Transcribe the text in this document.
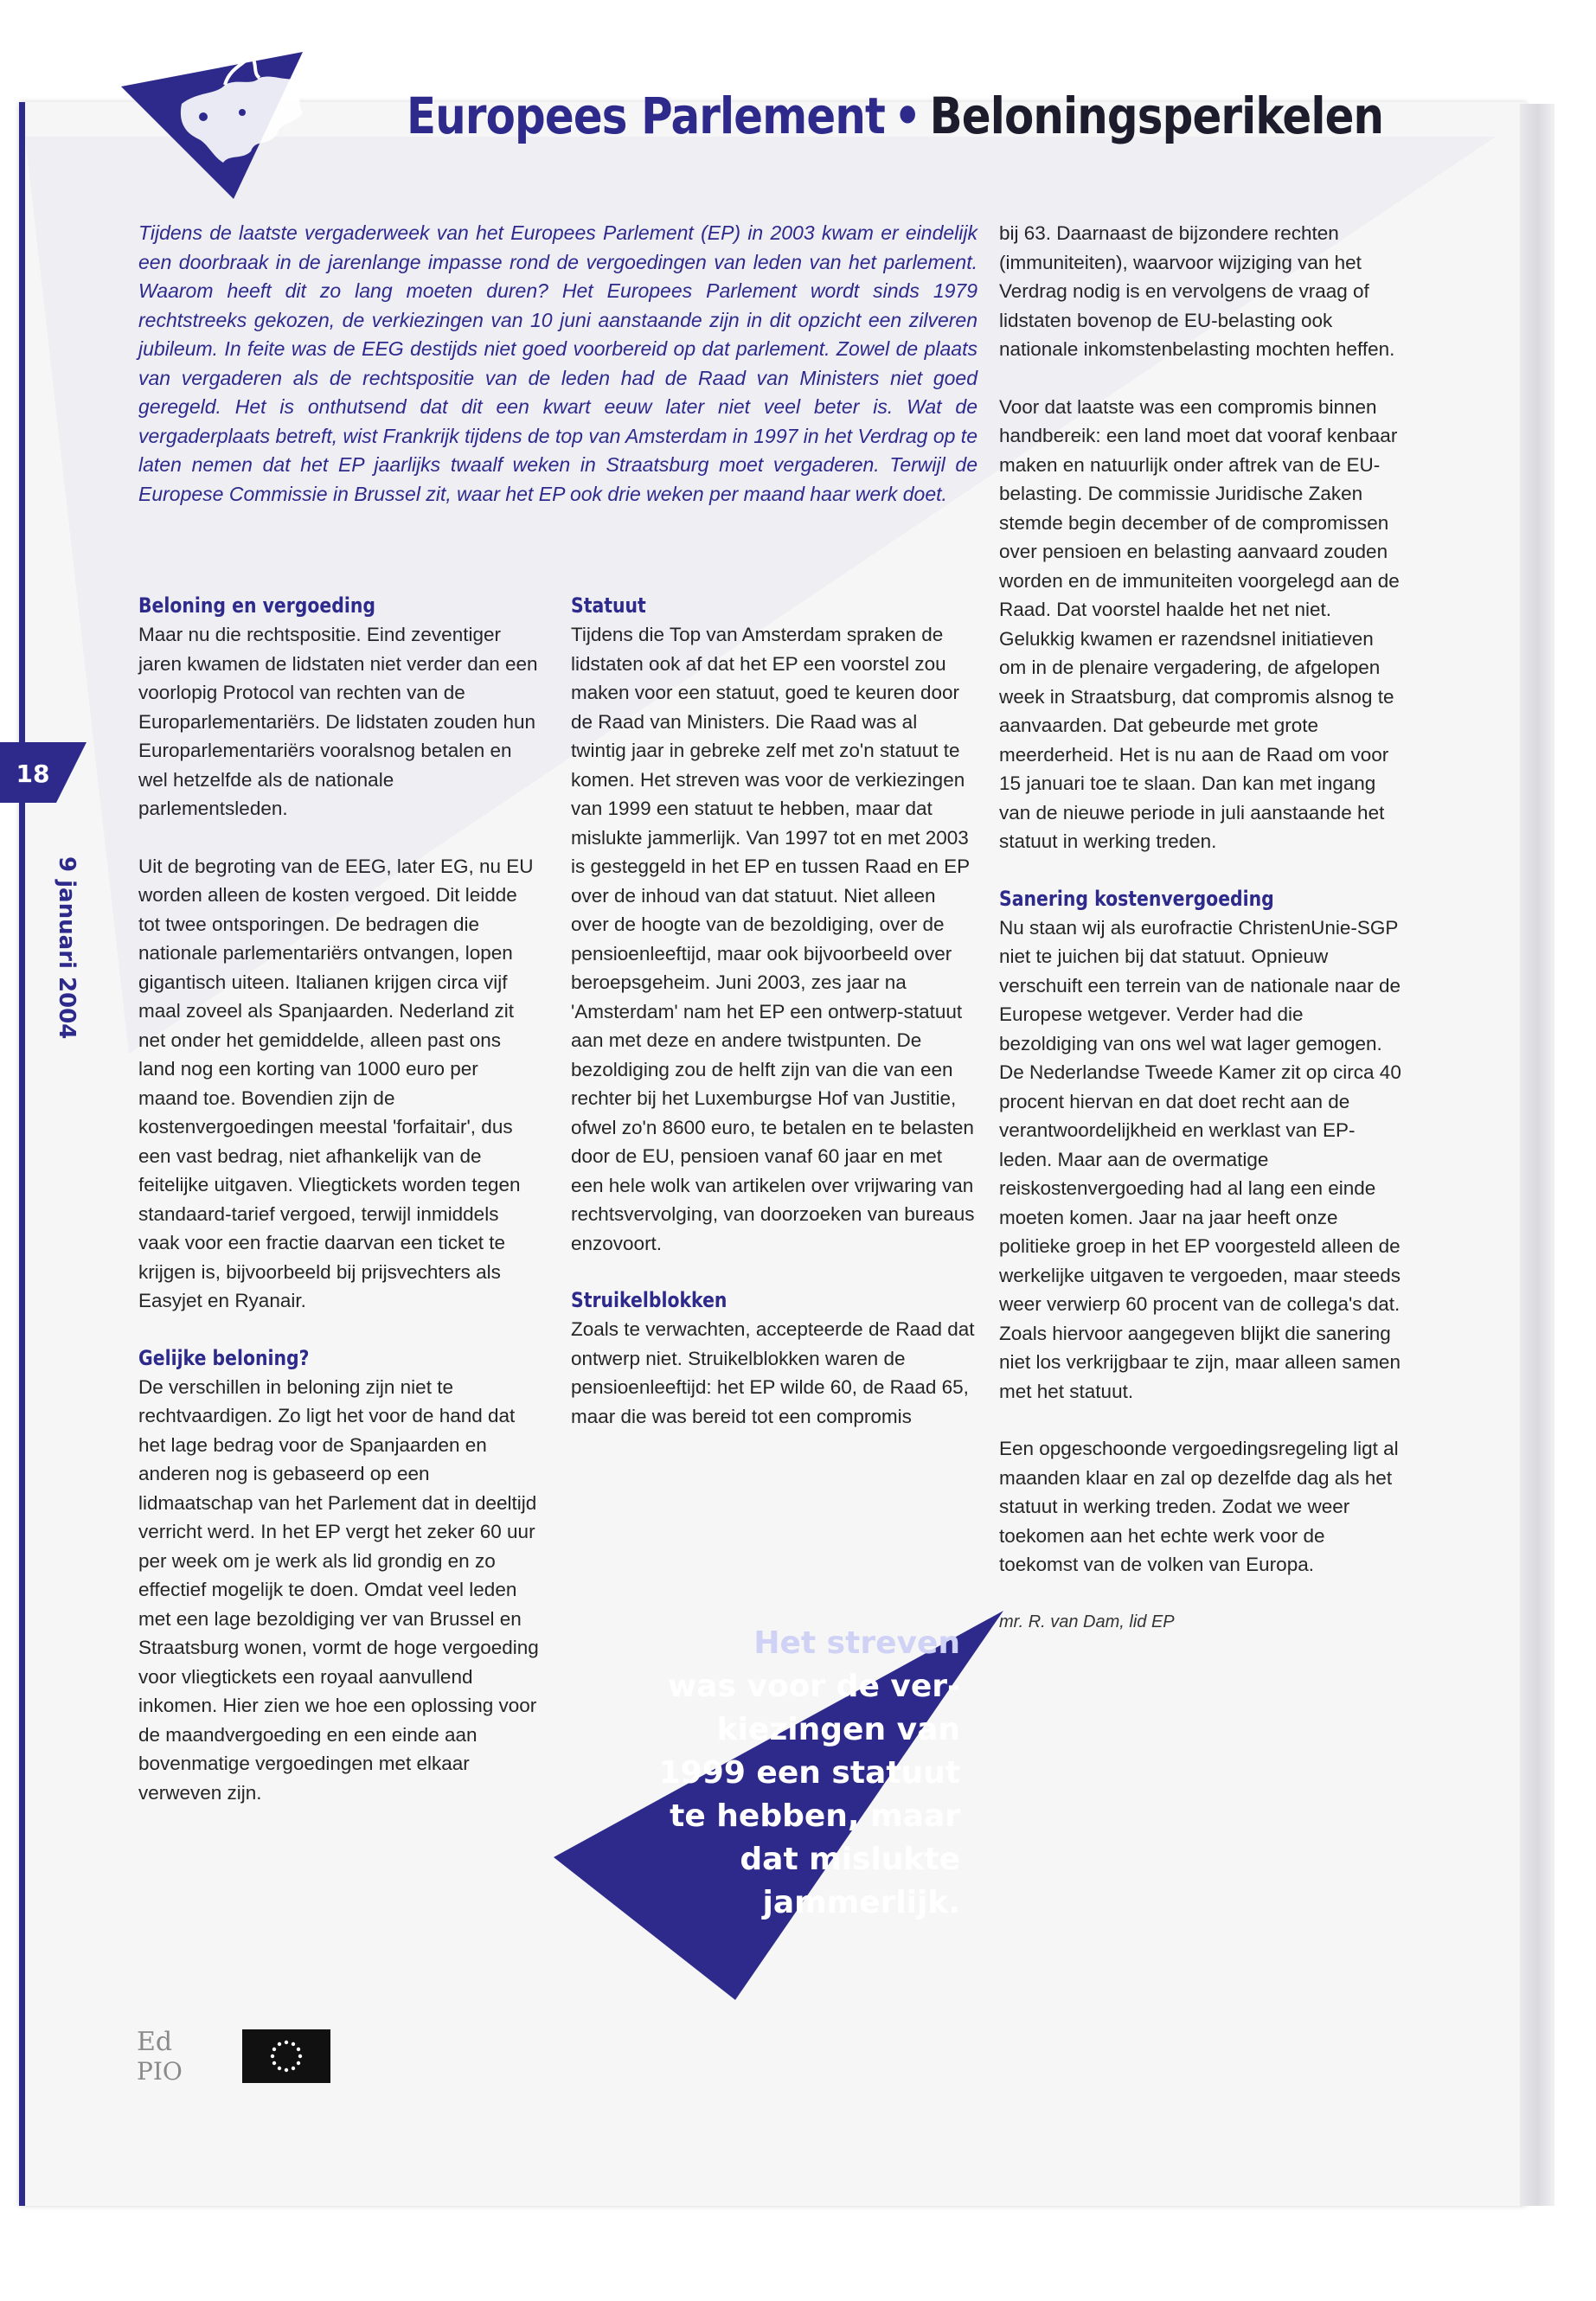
Europees Parlement • Beloningsperikelen
Tijdens de laatste vergaderweek van het Europees Parlement (EP) in 2003 kwam er eindelijk een doorbraak in de jarenlange impasse rond de vergoedingen van leden van het parlement. Waarom heeft dit zo lang moeten duren? Het Europees Parlement wordt sinds 1979 rechtstreeks gekozen, de verkiezingen van 10 juni aanstaande zijn in dit opzicht een zilveren jubileum. In feite was de EEG destijds niet goed voorbereid op dat parlement. Zowel de plaats van vergaderen als de rechtspositie van de leden had de Raad van Ministers niet goed geregeld. Het is onthutsend dat dit een kwart eeuw later niet veel beter is. Wat de vergaderplaats betreft, wist Frankrijk tijdens de top van Amsterdam in 1997 in het Verdrag op te laten nemen dat het EP jaarlijks twaalf weken in Straatsburg moet vergaderen. Terwijl de Europese Commissie in Brussel zit, waar het EP ook drie weken per maand haar werk doet.
Beloning en vergoeding

Maar nu die rechtspositie. Eind zeventiger jaren kwamen de lidstaten niet verder dan een voorlopig Protocol van rechten van de Europarlementariërs. De lidstaten zouden hun Europarlementariërs vooralsnog betalen en wel hetzelfde als de nationale parlementsleden.

Uit de begroting van de EEG, later EG, nu EU worden alleen de kosten vergoed. Dit leidde tot twee ontsporingen. De bedragen die nationale parlementariërs ontvangen, lopen gigantisch uiteen. Italianen krijgen circa vijf maal zoveel als Spanjaarden. Nederland zit net onder het gemiddelde, alleen past ons land nog een korting van 1000 euro per maand toe. Bovendien zijn de kostenvergoedingen meestal 'forfaitair', dus een vast bedrag, niet afhankelijk van de feitelijke uitgaven. Vliegtickets worden tegen standaard-tarief vergoed, terwijl inmiddels vaak voor een fractie daarvan een ticket te krijgen is, bijvoorbeeld bij prijsvechters als Easyjet en Ryanair.

Gelijke beloning?

De verschillen in beloning zijn niet te rechtvaardigen. Zo ligt het voor de hand dat het lage bedrag voor de Spanjaarden en anderen nog is gebaseerd op een lidmaatschap van het Parlement dat in deeltijd verricht werd. In het EP vergt het zeker 60 uur per week om je werk als lid grondig en zo effectief mogelijk te doen. Omdat veel leden met een lage bezoldiging ver van Brussel en Straatsburg wonen, vormt de hoge vergoeding voor vliegtickets een royaal aanvullend inkomen. Hier zien we hoe een oplossing voor de maandvergoeding en een einde aan bovenmatige vergoedingen met elkaar verweven zijn.

Statuut

Tijdens die Top van Amsterdam spraken de lidstaten ook af dat het EP een voorstel zou maken voor een statuut, goed te keuren door de Raad van Ministers. Die Raad was al twintig jaar in gebreke zelf met zo'n statuut te komen. Het streven was voor de verkiezingen van 1999 een statuut te hebben, maar dat mislukte jammerlijk. Van 1997 tot en met 2003 is gesteggeld in het EP en tussen Raad en EP over de inhoud van dat statuut. Niet alleen over de hoogte van de bezoldiging, over de pensioenleeftijd, maar ook bijvoorbeeld over beroepsgeheim. Juni 2003, zes jaar na 'Amsterdam' nam het EP een ontwerp-statuut aan met deze en andere twistpunten. De bezoldiging zou de helft zijn van die van een rechter bij het Luxemburgse Hof van Justitie, ofwel zo'n 8600 euro, te betalen en te belasten door de EU, pensioen vanaf 60 jaar en met een hele wolk van artikelen over vrijwaring van rechtsvervolging, van doorzoeken van bureaus enzovoort.

Struikelblokken

Zoals te verwachten, accepteerde de Raad dat ontwerp niet. Struikelblokken waren de pensioenleeftijd: het EP wilde 60, de Raad 65, maar die was bereid tot een compromis

bij 63. Daarnaast de bijzondere rechten (immuniteiten), waarvoor wijziging van het Verdrag nodig is en vervolgens de vraag of lidstaten bovenop de EU-belasting ook nationale inkomstenbelasting mochten heffen.

Voor dat laatste was een compromis binnen handbereik: een land moet dat vooraf kenbaar maken en natuurlijk onder aftrek van de EU-belasting. De commissie Juridische Zaken stemde begin december of de compromissen over pensioen en belasting aanvaard zouden worden en de immuniteiten voorgelegd aan de Raad. Dat voorstel haalde het net niet. Gelukkig kwamen er razendsnel initiatieven om in de plenaire vergadering, de afgelopen week in Straatsburg, dat compromis alsnog te aanvaarden. Dat gebeurde met grote meerderheid. Het is nu aan de Raad om voor 15 januari toe te slaan. Dan kan met ingang van de nieuwe periode in juli aanstaande het statuut in werking treden.

Sanering kostenvergoeding

Nu staan wij als eurofractie ChristenUnie-SGP niet te juichen bij dat statuut. Opnieuw verschuift een terrein van de nationale naar de Europese wetgever. Verder had die bezoldiging van ons wel wat lager gemogen. De Nederlandse Tweede Kamer zit op circa 40 procent hiervan en dat doet recht aan de verantwoordelijkheid en werklast van EP-leden. Maar aan de overmatige reiskostenvergoeding had al lang een einde moeten komen. Jaar na jaar heeft onze politieke groep in het EP voorgesteld alleen de werkelijke uitgaven te vergoeden, maar steeds weer verwierp 60 procent van de collega's dat. Zoals hiervoor aangegeven blijkt die sanering niet los verkrijgbaar te zijn, maar alleen samen met het statuut.

Een opgeschoonde vergoedingsregeling ligt al maanden klaar en zal op dezelfde dag als het statuut in werking treden. Zodat we weer toekomen aan het echte werk voor de toekomst van de volken van Europa.

mr. R. van Dam, lid EP

18
9 januari 2004
Het streven
was voor de ver-
kiezingen van
1999 een statuut
te hebben, maar
dat mislukte
jammerlijk.
Ed
PIO
